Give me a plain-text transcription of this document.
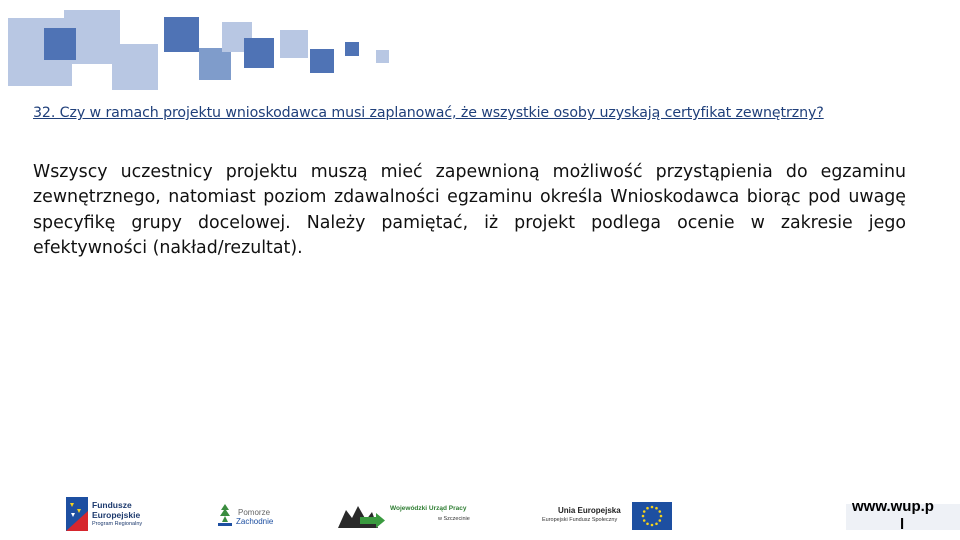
32. Czy w ramach projektu wnioskodawca musi zaplanować, że wszystkie osoby uzyskają certyfikat zewnętrzny?
Wszyscy uczestnicy projektu muszą mieć zapewnioną możliwość przystąpienia do egzaminu zewnętrznego, natomiast poziom zdawalności egzaminu określa Wnioskodawca biorąc pod uwagę specyfikę grupy docelowej. Należy pamiętać, iż projekt podlega ocenie w zakresie jego efektywności (nakład/rezultat).
Fundusze
Europejskie
Program Regionalny
Pomorze
Zachodnie
Wojewódzki Urząd Pracy
w Szczecinie
Unia Europejska
Europejski Fundusz Społeczny
www.wup.p
l
